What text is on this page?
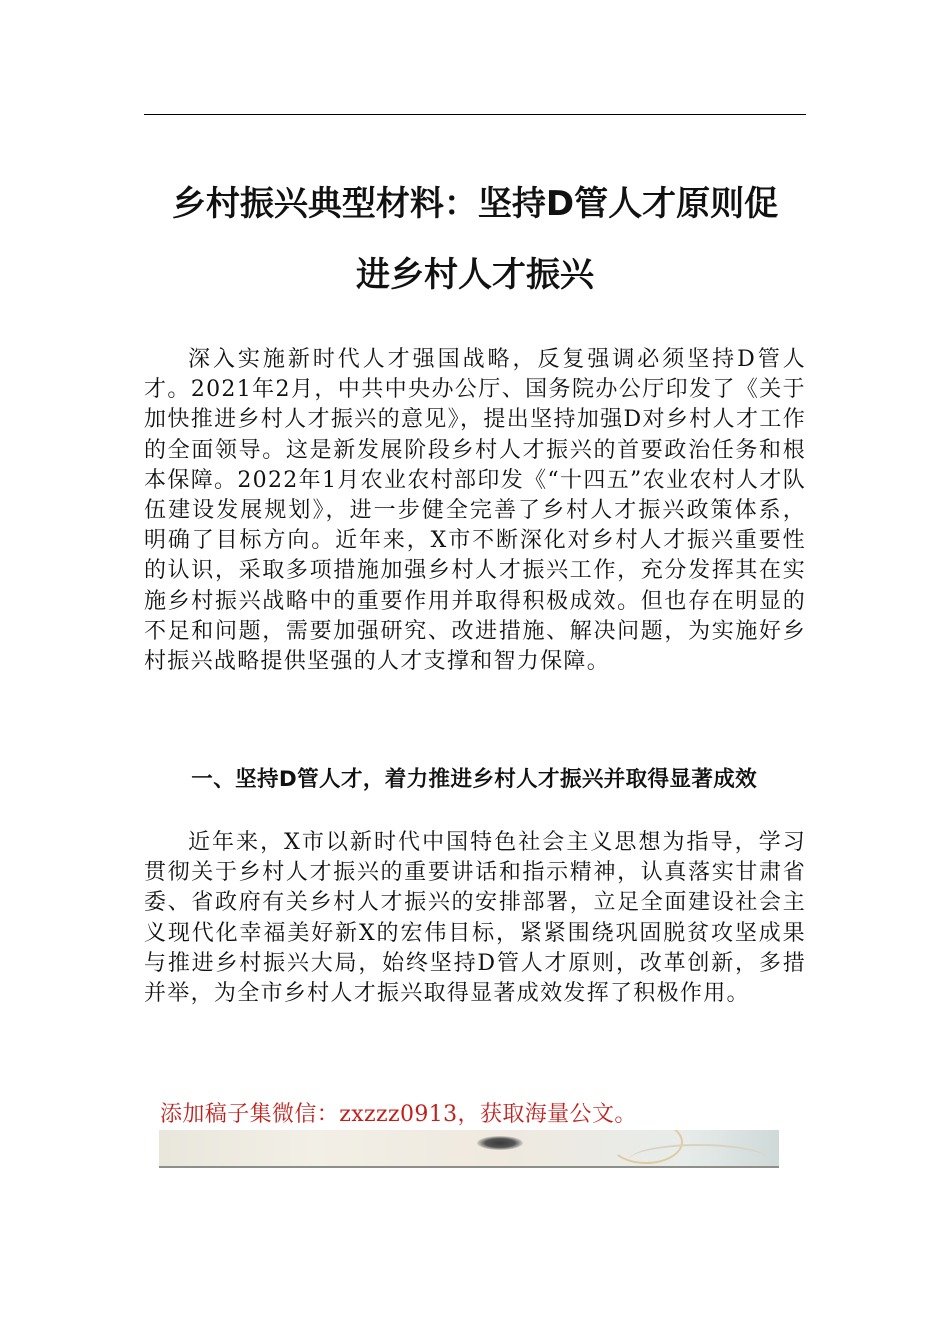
乡村振兴典型材料：坚持D管人才原则促
进乡村人才振兴

深入实施新时代人才强国战略，反复强调必须坚持D管人才。2021年2月，中共中央办公厅、国务院办公厅印发了《关于加快推进乡村人才振兴的意见》，提出坚持加强D对乡村人才工作的全面领导。这是新发展阶段乡村人才振兴的首要政治任务和根本保障。2022年1月农业农村部印发《“十四五”农业农村人才队伍建设发展规划》，进一步健全完善了乡村人才振兴政策体系，明确了目标方向。近年来，X市不断深化对乡村人才振兴重要性的认识，采取多项措施加强乡村人才振兴工作，充分发挥其在实施乡村振兴战略中的重要作用并取得积极成效。但也存在明显的不足和问题，需要加强研究、改进措施、解决问题，为实施好乡村振兴战略提供坚强的人才支撑和智力保障。

一、坚持D管人才，着力推进乡村人才振兴并取得显著成效

近年来，X市以新时代中国特色社会主义思想为指导，学习贯彻关于乡村人才振兴的重要讲话和指示精神，认真落实甘肃省委、省政府有关乡村人才振兴的安排部署，立足全面建设社会主义现代化幸福美好新X的宏伟目标，紧紧围绕巩固脱贫攻坚成果与推进乡村振兴大局，始终坚持D管人才原则，改革创新，多措并举，为全市乡村人才振兴取得显著成效发挥了积极作用。

添加稿子集微信：zxzzz0913，获取海量公文。
